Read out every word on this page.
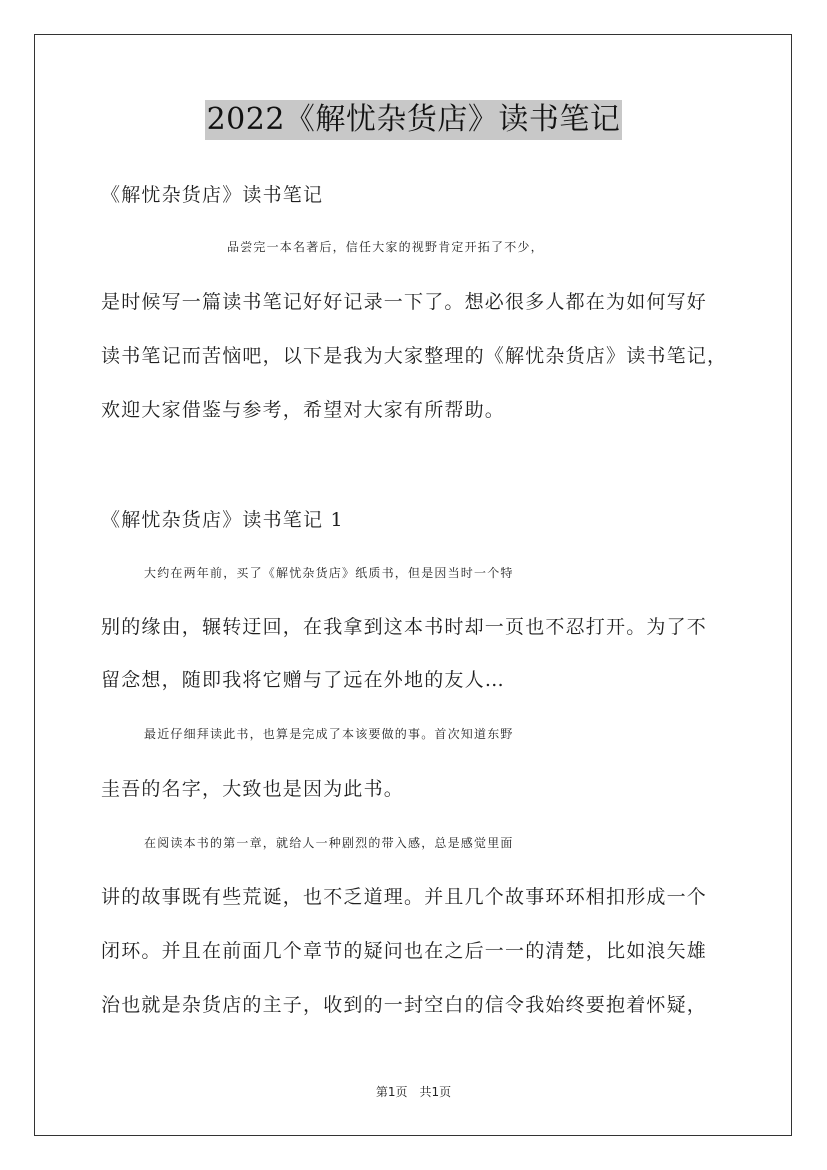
2022《解忧杂货店》读书笔记
《解忧杂货店》读书笔记
品尝完一本名著后，信任大家的视野肯定开拓了不少，
是时候写一篇读书笔记好好记录一下了。想必很多人都在为如何写好
读书笔记而苦恼吧，以下是我为大家整理的《解忧杂货店》读书笔记，
欢迎大家借鉴与参考，希望对大家有所帮助。
《解忧杂货店》读书笔记 1
大约在两年前，买了《解忧杂货店》纸质书，但是因当时一个特
别的缘由，辗转迂回，在我拿到这本书时却一页也不忍打开。为了不
留念想，随即我将它赠与了远在外地的友人…
最近仔细拜读此书，也算是完成了本该要做的事。首次知道东野
圭吾的名字，大致也是因为此书。
在阅读本书的第一章，就给人一种剧烈的带入感，总是感觉里面
讲的故事既有些荒诞，也不乏道理。并且几个故事环环相扣形成一个
闭环。并且在前面几个章节的疑问也在之后一一的清楚，比如浪矢雄
治也就是杂货店的主子，收到的一封空白的信令我始终要抱着怀疑，
第1页　共1页
